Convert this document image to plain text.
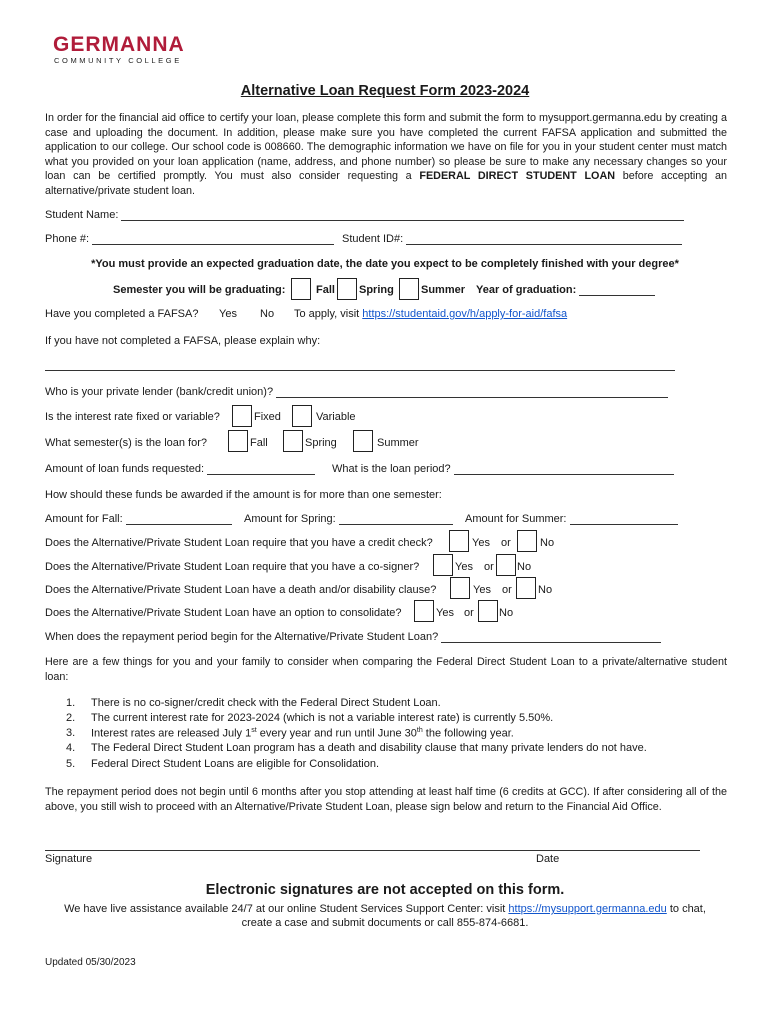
GERMANNA
COMMUNITY COLLEGE
Alternative Loan Request Form 2023-2024
In order for the financial aid office to certify your loan, please complete this form and submit the form to mysupport.germanna.edu by creating a case and uploading the document. In addition, please make sure you have completed the current FAFSA application and submitted the application to our college. Our school code is 008660. The demographic information we have on file for you in your student center must match what you provided on your loan application (name, address, and phone number) so please be sure to make any necessary changes so your loan can be certified promptly. You must also consider requesting a FEDERAL DIRECT STUDENT LOAN before accepting an alternative/private student loan.
Student Name:
Phone #:	Student ID#:
*You must provide an expected graduation date, the date you expect to be completely finished with your degree*
Semester you will be graduating:	Fall Spring Summer Year of graduation:
Have you completed a FAFSA? Yes No To apply, visit https://studentaid.gov/h/apply-for-aid/fafsa
If you have not completed a FAFSA, please explain why:
Who is your private lender (bank/credit union)?
Is the interest rate fixed or variable?	Fixed	Variable
What semester(s) is the loan for?	Fall	Spring	Summer
Amount of loan funds requested:	What is the loan period?
How should these funds be awarded if the amount is for more than one semester:
Amount for Fall:	Amount for Spring:	Amount for Summer:
Does the Alternative/Private Student Loan require that you have a credit check?	Yes or	No
Does the Alternative/Private Student Loan require that you have a co-signer?	Yes or No
Does the Alternative/Private Student Loan have a death and/or disability clause?	Yes or No
Does the Alternative/Private Student Loan have an option to consolidate?	Yes or No
When does the repayment period begin for the Alternative/Private Student Loan?
Here are a few things for you and your family to consider when comparing the Federal Direct Student Loan to a private/alternative student loan:
1. There is no co-signer/credit check with the Federal Direct Student Loan.
2. The current interest rate for 2023-2024 (which is not a variable interest rate) is currently 5.50%.
3. Interest rates are released July 1st every year and run until June 30th the following year.
4. The Federal Direct Student Loan program has a death and disability clause that many private lenders do not have.
5. Federal Direct Student Loans are eligible for Consolidation.
The repayment period does not begin until 6 months after you stop attending at least half time (6 credits at GCC). If after considering all of the above, you still wish to proceed with an Alternative/Private Student Loan, please sign below and return to the Financial Aid Office.
Signature	Date
Electronic signatures are not accepted on this form.
We have live assistance available 24/7 at our online Student Services Support Center: visit https://mysupport.germanna.edu to chat,
create a case and submit documents or call 855-874-6681.
Updated 05/30/2023
